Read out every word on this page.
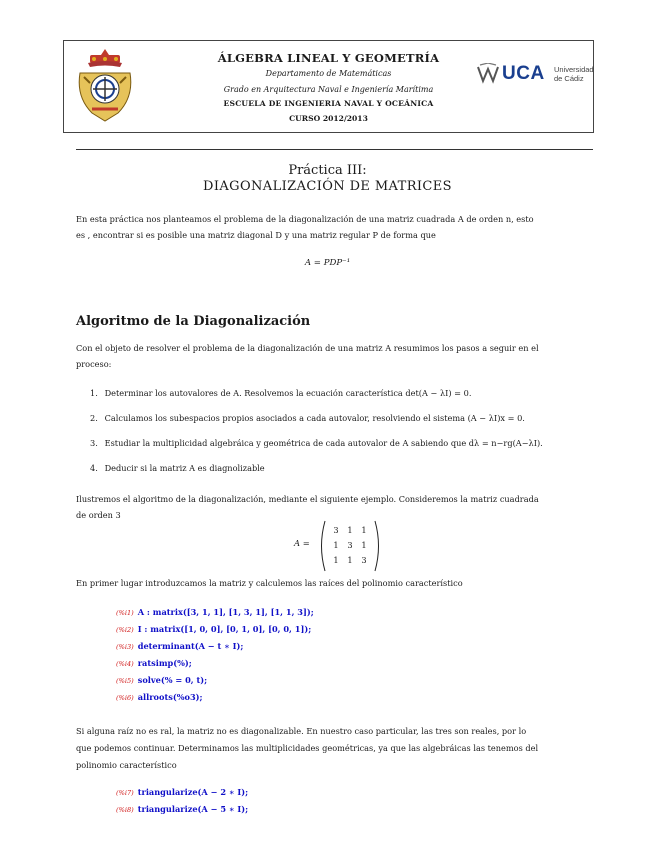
ÁLGEBRA LINEAL Y GEOMETRÍA
Departamento de Matemáticas
Grado en Arquitectura Naval e Ingeniería Marítima
ESCUELA DE INGENIERIA NAVAL Y OCEÁNICA
CURSO 2012/2013
UCA Universidad
de Cádiz
Práctica III:
DIAGONALIZACIÓN DE MATRICES
En esta práctica nos planteamos el problema de la diagonalización de una matriz cuadrada A de orden n, esto
es , encontrar si es posible una matriz diagonal D y una matriz regular P de forma que
A = PDP⁻¹
Algoritmo de la Diagonalización
Con el objeto de resolver el problema de la diagonalización de una matriz A resumimos los pasos a seguir en el
proceso:
1. Determinar los autovalores de A. Resolvemos la ecuación característica det(A − λI) = 0.
2. Calculamos los subespacios propios asociados a cada autovalor, resolviendo el sistema (A − λI)x = 0.
3. Estudiar la multiplicidad algebráica y geométrica de cada autovalor de A sabiendo que dλ = n−rg(A−λI).
4. Deducir si la matriz A es diagnolizable
Ilustremos el algoritmo de la diagonalización, mediante el siguiente ejemplo. Consideremos la matriz cuadrada
de orden 3
A =
3 1 1
1 3 1
1 1 3
En primer lugar introduzcamos la matriz y calculemos las raíces del polinomio característico
(%i1) A : matrix([3, 1, 1], [1, 3, 1], [1, 1, 3]);
(%i2) I : matrix([1, 0, 0], [0, 1, 0], [0, 0, 1]);
(%i3) determinant(A − t ∗ I);
(%i4) ratsimp(%);
(%i5) solve(% = 0, t);
(%i6) allroots(%o3);
Si alguna raíz no es ral, la matriz no es diagonalizable. En nuestro caso particular, las tres son reales, por lo
que podemos continuar. Determinamos las multiplicidades geométricas, ya que las algebráicas las tenemos del
polinomio característico
(%i7) triangularize(A − 2 ∗ I);
(%i8) triangularize(A − 5 ∗ I);
